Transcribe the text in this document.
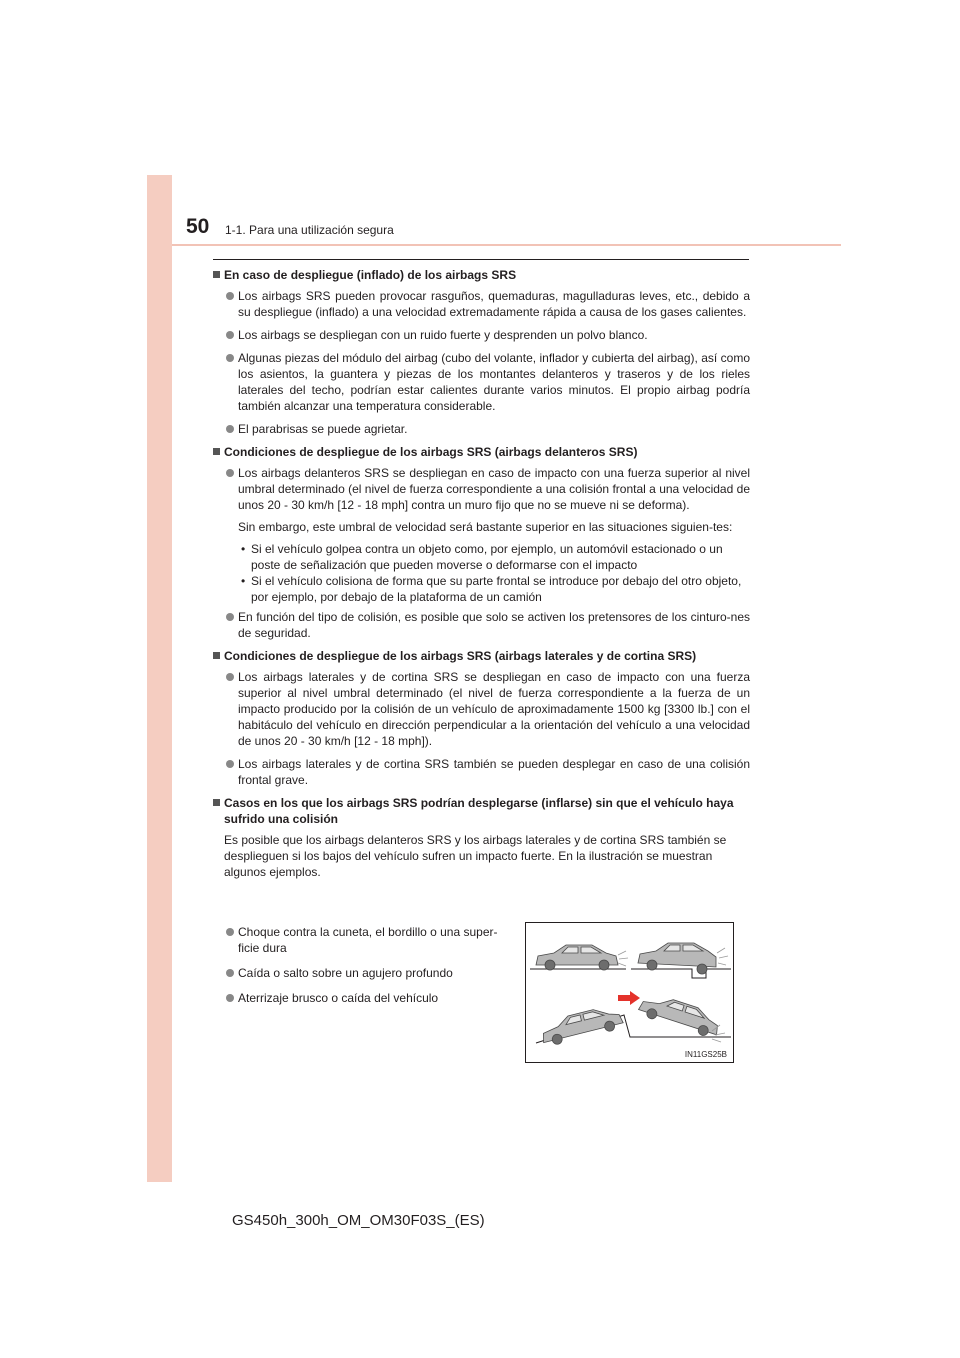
50 1-1. Para una utilización segura
En caso de despliegue (inflado) de los airbags SRS
Los airbags SRS pueden provocar rasguños, quemaduras, magulladuras leves, etc., debido a su despliegue (inflado) a una velocidad extremadamente rápida a causa de los gases calientes.
Los airbags se despliegan con un ruido fuerte y desprenden un polvo blanco.
Algunas piezas del módulo del airbag (cubo del volante, inflador y cubierta del airbag), así como los asientos, la guantera y piezas de los montantes delanteros y traseros y de los rieles laterales del techo, podrían estar calientes durante varios minutos. El propio airbag podría también alcanzar una temperatura considerable.
El parabrisas se puede agrietar.
Condiciones de despliegue de los airbags SRS (airbags delanteros SRS)
Los airbags delanteros SRS se despliegan en caso de impacto con una fuerza superior al nivel umbral determinado (el nivel de fuerza correspondiente a una colisión frontal a una velocidad de unos 20 - 30 km/h [12 - 18 mph] contra un muro fijo que no se mueve ni se deforma).
Sin embargo, este umbral de velocidad será bastante superior en las situaciones siguien-tes:
• Si el vehículo golpea contra un objeto como, por ejemplo, un automóvil estacionado o un poste de señalización que pueden moverse o deformarse con el impacto
• Si el vehículo colisiona de forma que su parte frontal se introduce por debajo del otro objeto, por ejemplo, por debajo de la plataforma de un camión
En función del tipo de colisión, es posible que solo se activen los pretensores de los cinturo-nes de seguridad.
Condiciones de despliegue de los airbags SRS (airbags laterales y de cortina SRS)
Los airbags laterales y de cortina SRS se despliegan en caso de impacto con una fuerza superior al nivel umbral determinado (el nivel de fuerza correspondiente a la fuerza de un impacto producido por la colisión de un vehículo de aproximadamente 1500 kg [3300 lb.] con el habitáculo del vehículo en dirección perpendicular a la orientación del vehículo a una velocidad de unos 20 - 30 km/h [12 - 18 mph]).
Los airbags laterales y de cortina SRS también se pueden desplegar en caso de una colisión frontal grave.
Casos en los que los airbags SRS podrían desplegarse (inflarse) sin que el vehículo haya sufrido una colisión
Es posible que los airbags delanteros SRS y los airbags laterales y de cortina SRS también se desplieguen si los bajos del vehículo sufren un impacto fuerte. En la ilustración se muestran algunos ejemplos.
Choque contra la cuneta, el bordillo o una super-ficie dura
Caída o salto sobre un agujero profundo
Aterrizaje brusco o caída del vehículo
IN11GS25B
GS450h_300h_OM_OM30F03S_(ES)
